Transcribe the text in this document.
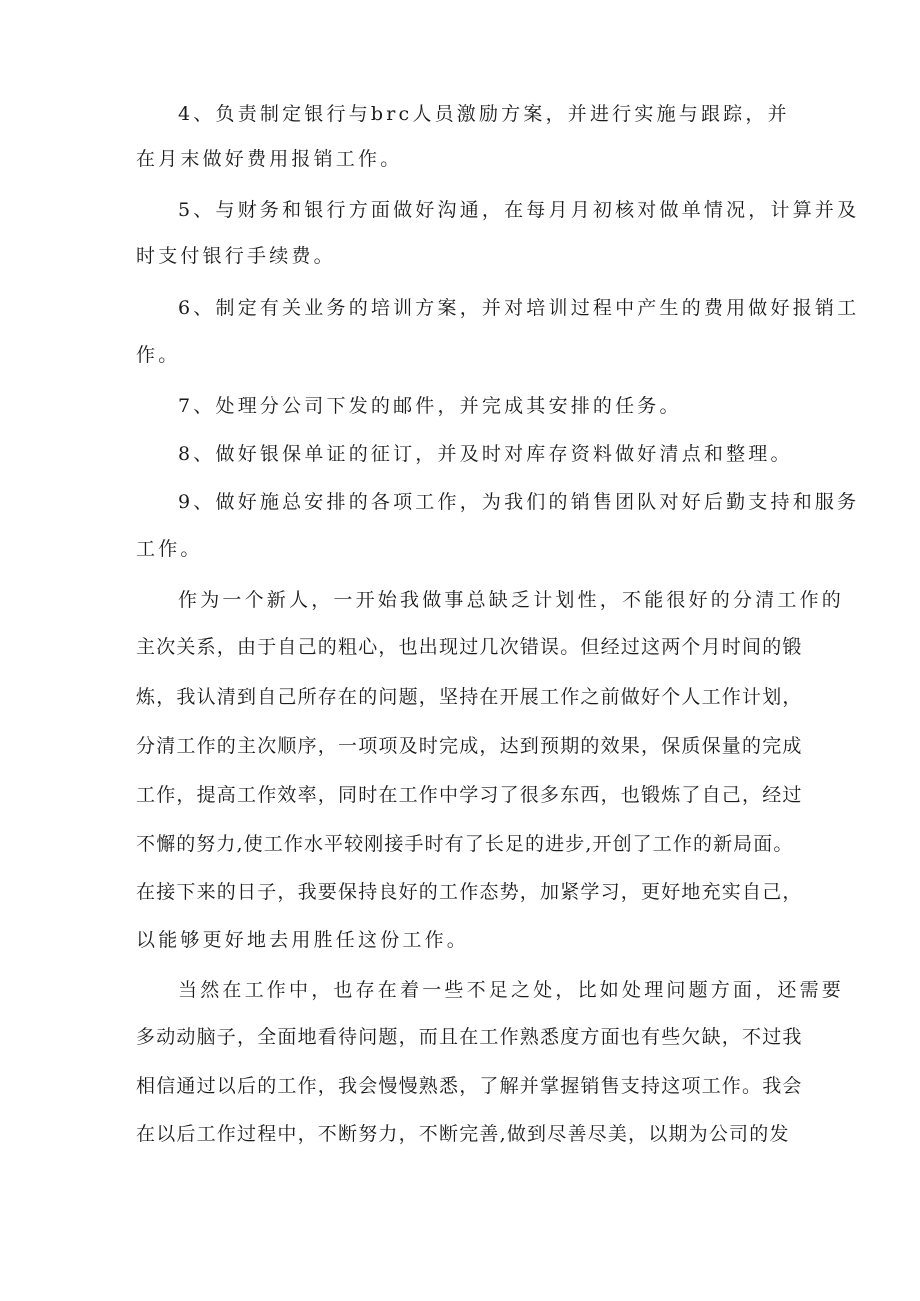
4、负责制定银行与brc人员激励方案，并进行实施与跟踪，并
在月末做好费用报销工作。
5、与财务和银行方面做好沟通，在每月月初核对做单情况，计算并及
时支付银行手续费。
6、制定有关业务的培训方案，并对培训过程中产生的费用做好报销工
作。
7、处理分公司下发的邮件，并完成其安排的任务。
8、做好银保单证的征订，并及时对库存资料做好清点和整理。
9、做好施总安排的各项工作，为我们的销售团队对好后勤支持和服务
工作。
作为一个新人，一开始我做事总缺乏计划性，不能很好的分清工作的
主次关系，由于自己的粗心，也出现过几次错误。但经过这两个月时间的锻
炼，我认清到自己所存在的问题，坚持在开展工作之前做好个人工作计划，
分清工作的主次顺序，一项项及时完成，达到预期的效果，保质保量的完成
工作，提高工作效率，同时在工作中学习了很多东西，也锻炼了自己，经过
不懈的努力,使工作水平较刚接手时有了长足的进步,开创了工作的新局面。
在接下来的日子，我要保持良好的工作态势，加紧学习，更好地充实自己，
以能够更好地去用胜任这份工作。
当然在工作中，也存在着一些不足之处，比如处理问题方面，还需要
多动动脑子，全面地看待问题，而且在工作熟悉度方面也有些欠缺，不过我
相信通过以后的工作，我会慢慢熟悉，了解并掌握销售支持这项工作。我会
在以后工作过程中，不断努力，不断完善,做到尽善尽美，以期为公司的发
